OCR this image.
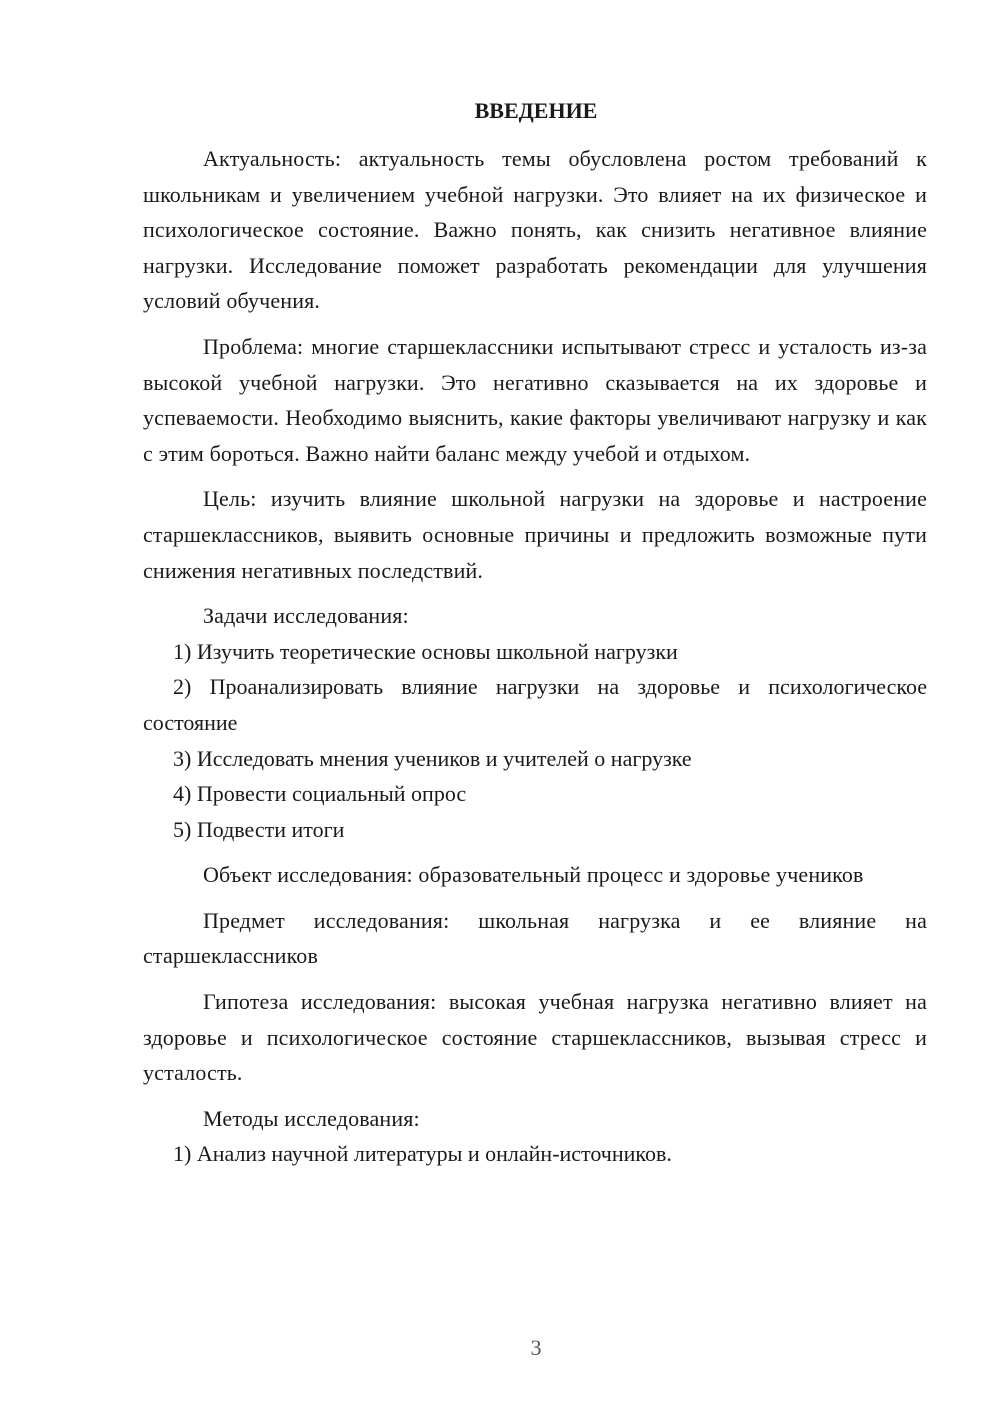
ВВЕДЕНИЕ

Актуальность: актуальность темы обусловлена ростом требований к школьникам и увеличением учебной нагрузки. Это влияет на их физическое и психологическое состояние. Важно понять, как снизить негативное влияние нагрузки. Исследование поможет разработать рекомендации для улучшения условий обучения.

Проблема: многие старшеклассники испытывают стресс и усталость из-за высокой учебной нагрузки. Это негативно сказывается на их здоровье и успеваемости. Необходимо выяснить, какие факторы увеличивают нагрузку и как с этим бороться. Важно найти баланс между учебой и отдыхом.

Цель: изучить влияние школьной нагрузки на здоровье и настроение старшеклассников, выявить основные причины и предложить возможные пути снижения негативных последствий.

Задачи исследования:

1) Изучить теоретические основы школьной нагрузки

2) Проанализировать влияние нагрузки на здоровье и психологическое состояние

3) Исследовать мнения учеников и учителей о нагрузке

4) Провести социальный опрос

5) Подвести итоги

Объект исследования: образовательный процесс и здоровье учеников

Предмет исследования: школьная нагрузка и ее влияние на старшеклассников

Гипотеза исследования: высокая учебная нагрузка негативно влияет на здоровье и психологическое состояние старшеклассников, вызывая стресс и усталость.

Методы исследования:

1) Анализ научной литературы и онлайн-источников.

3
